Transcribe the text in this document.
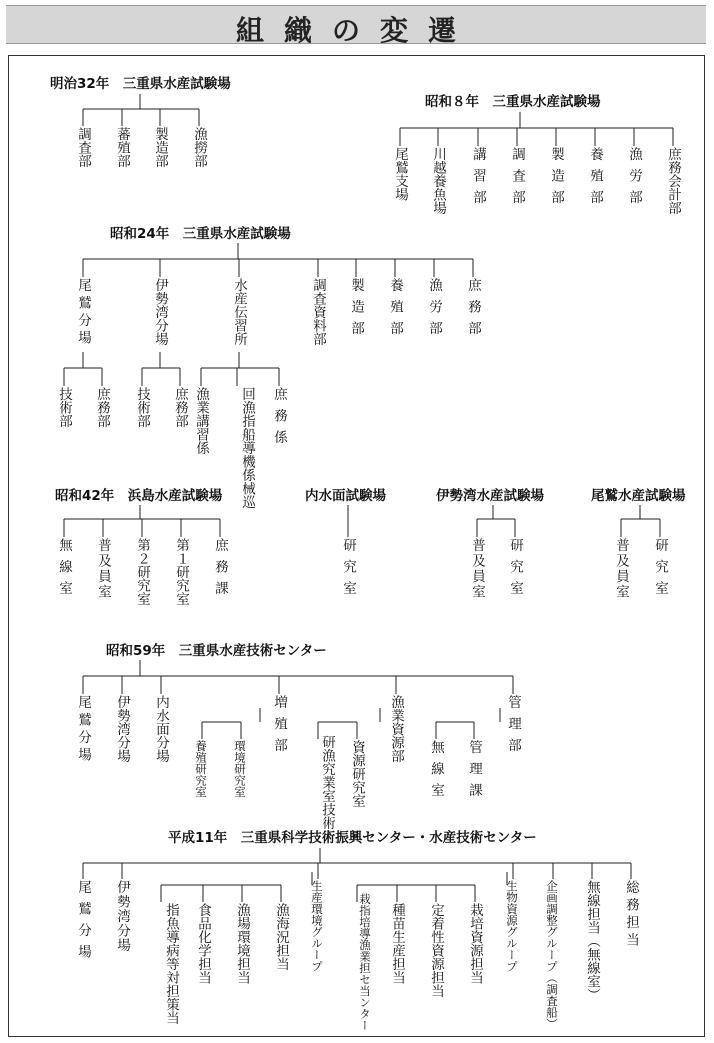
組織の変遷
明治32年　三重県水産試験場
調査部 蕃殖部 製造部 漁撈部
昭和８年　三重県水産試験場
尾鷲支場 川越養魚場 講習部 調査部 製造部 養殖部 漁労部 庶務会計部
昭和24年　三重県水産試験場
尾鷲分場	伊勢湾分場	水産伝習所	調査資料部 製造部 養殖部 漁労部 庶務部
技術部 庶務部 技術部 庶務部 漁業講習係	回漁指船導機係械巡 庶務係
昭和42年　浜島水産試験場
無線室 普及員室 第２研究室 第１研究室 庶務課
内水面試験場
研究室
伊勢湾水産試験場
普及員室 研究室
尾鷲水産試験場
普及員室 研究室
昭和59年　三重県水産技術センター
尾鷲分場 伊勢湾分場 内水面分場	増殖部	漁業資源部	管理部
養殖研究室 環境研究室	研漁究業室技術 資源研究室	無線室 管理課
平成11年　三重県科学技術振興センター・水産技術センター
尾鷲分場 伊勢湾分場	生産環境グループ	生物資源グループ 企画調整グループ（調査船） 無線担当（無線室） 総務担当
指魚導病等対担策当 食品化学担当 漁場環境担当 漁海況担当	栽指培導漁業担セ当ンター 種苗生産担当 定着性資源担当 栽培資源担当
